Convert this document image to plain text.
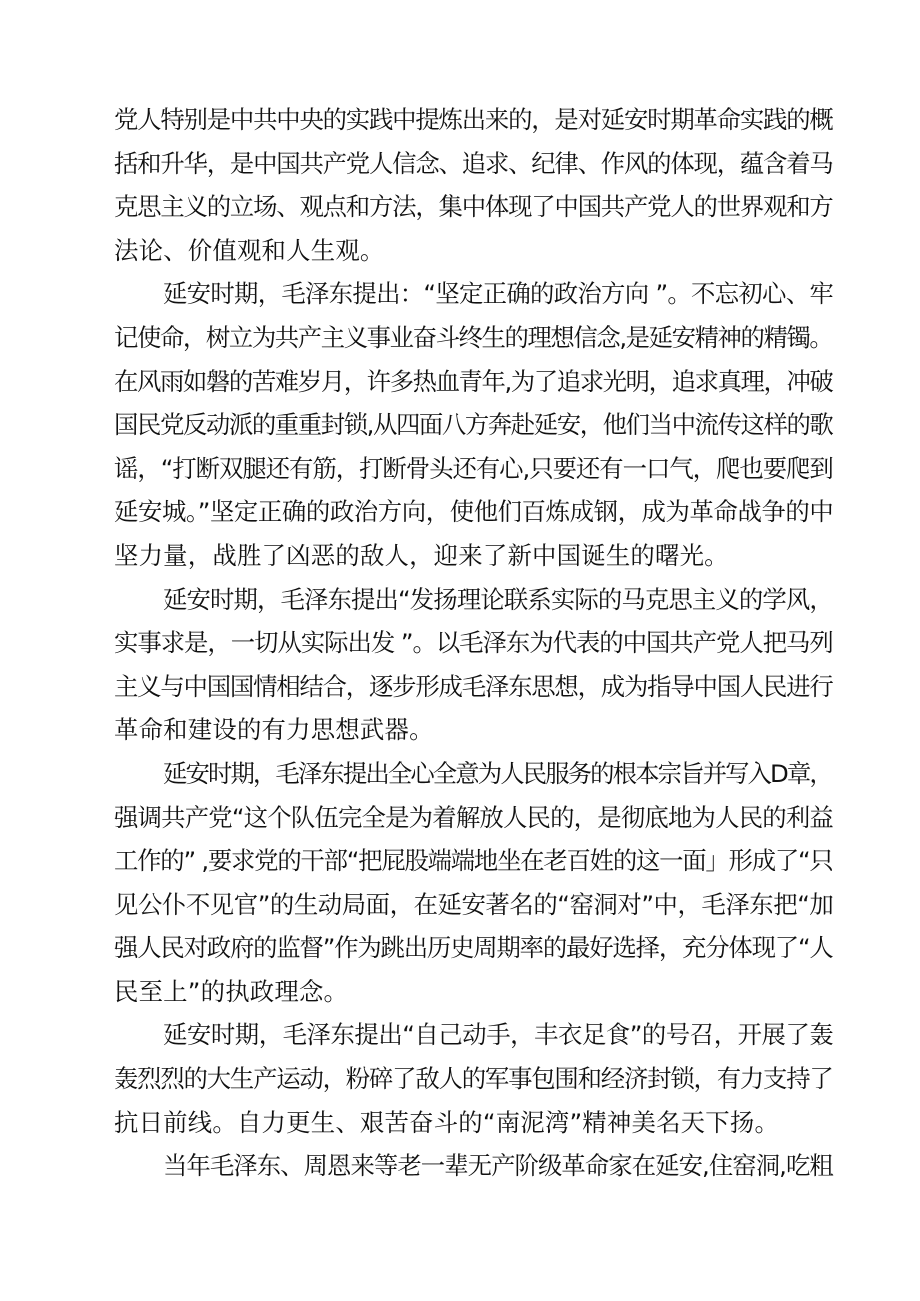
党人特别是中共中央的实践中提炼出来的，是对延安时期革命实践的概
括和升华，是中国共产党人信念、追求、纪律、作风的体现，蕴含着马
克思主义的立场、观点和方法，集中体现了中国共产党人的世界观和方
法论、价值观和人生观。
延安时期，毛泽东提出：“坚定正确的政治方向 ”。不忘初心、牢
记使命，树立为共产主义事业奋斗终生的理想信念,是延安精神的精镯。
在风雨如磐的苦难岁月，许多热血青年,为了追求光明，追求真理，冲破
国民党反动派的重重封锁,从四面八方奔赴延安，他们当中流传这样的歌
谣，“打断双腿还有筋，打断骨头还有心,只要还有一口气，爬也要爬到
延安城。”坚定正确的政治方向，使他们百炼成钢，成为革命战争的中
坚力量，战胜了凶恶的敌人，迎来了新中国诞生的曙光。
延安时期，毛泽东提出“发扬理论联系实际的马克思主义的学风，
实事求是，一切从实际出发 ”。以毛泽东为代表的中国共产党人把马列
主义与中国国情相结合，逐步形成毛泽东思想，成为指导中国人民进行
革命和建设的有力思想武器。
延安时期，毛泽东提出全心全意为人民服务的根本宗旨并写入D章，
强调共产党“这个队伍完全是为着解放人民的，是彻底地为人民的利益
工作的” ,要求党的干部“把屁股端端地坐在老百姓的这一面」形成了“只
见公仆不见官”的生动局面，在延安著名的“窑洞对”中，毛泽东把“加
强人民对政府的监督”作为跳出历史周期率的最好选择，充分体现了“人
民至上”的执政理念。
延安时期，毛泽东提出“自己动手，丰衣足食”的号召，开展了轰
轰烈烈的大生产运动，粉碎了敌人的军事包围和经济封锁，有力支持了
抗日前线。自力更生、艰苦奋斗的“南泥湾”精神美名天下扬。
当年毛泽东、周恩来等老一辈无产阶级革命家在延安,住窑洞,吃粗
